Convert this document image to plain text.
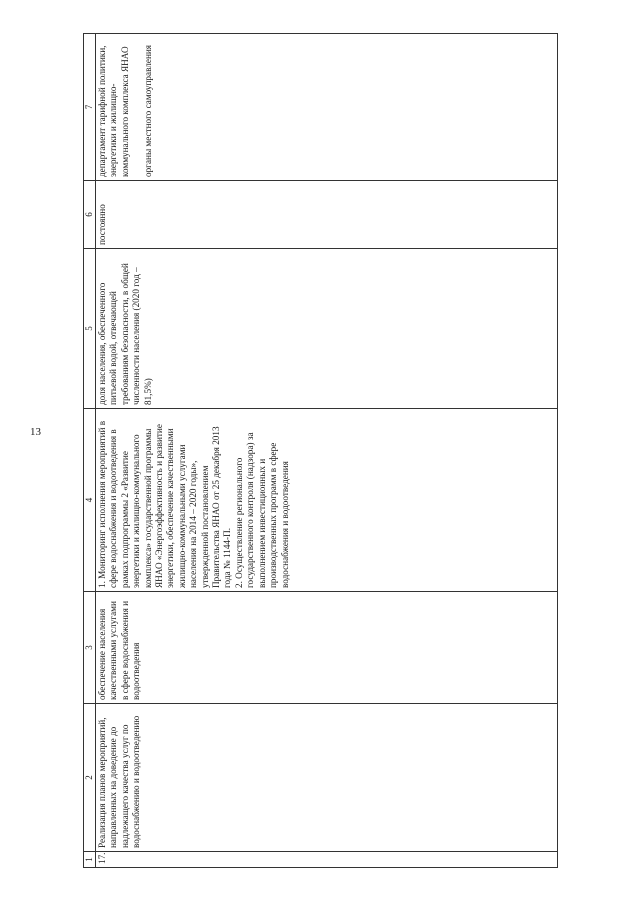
13
1	2	3	4	5	6	7
17.	Реализация планов мероприятий, направленных на доведение до надлежащего качества услуг по водоснабжению и водоотведению	обеспечение населения качественными услугами в сфере водоснабжения и водоотведения	1. Мониторинг исполнения мероприятий в сфере водоснабжения и водоотведения в рамках подпрограммы 2 «Развитие энергетики и жилищно-коммунального комплекса» государственной программы ЯНАО «Энергоэффективность и развитие энергетики, обеспечение качественными жилищно-коммунальными услугами населения на 2014 – 2020 годы», утвержденной постановлением Правительства ЯНАО от 25 декабря 2013 года № 1144-П.
2. Осуществление регионального государственного контроля (надзора) за выполнением инвестиционных и производственных программ в сфере водоснабжения и водоотведения	доля населения, обеспеченного питьевой водой, отвечающей требованиям безопасности, в общей численности населения (2020 год – 81,5%)	постоянно	департамент тарифной политики, энергетики и жилищно-коммунального комплекса ЯНАО

органы местного самоуправления
